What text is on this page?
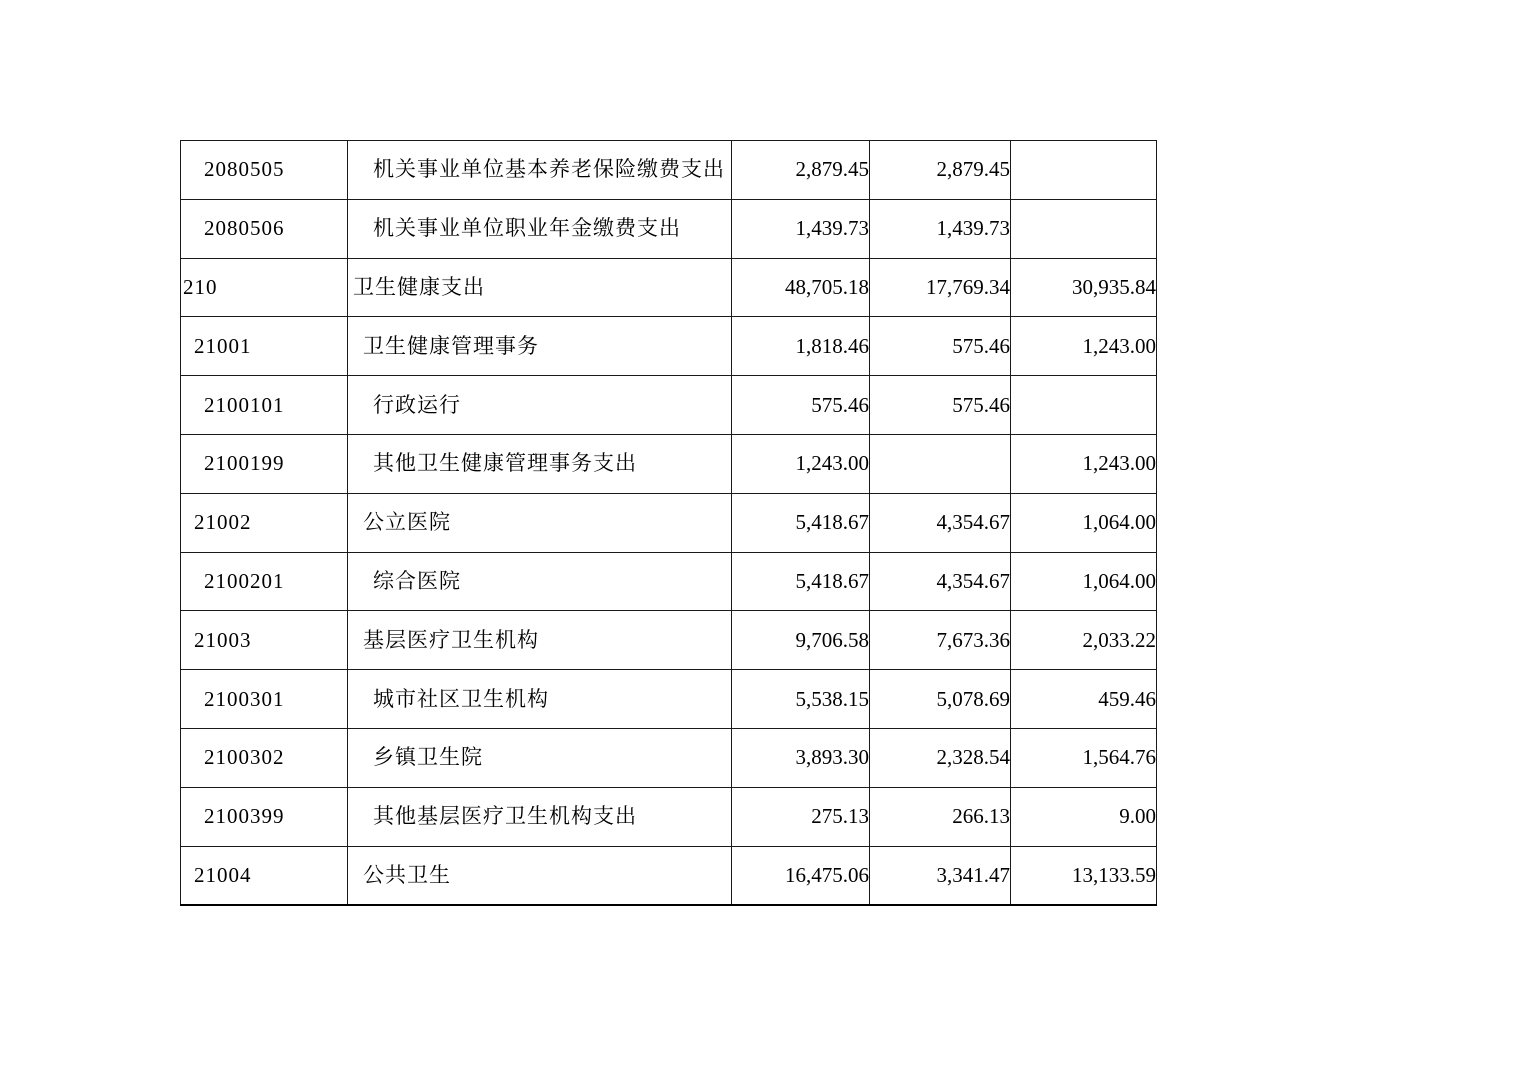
2080505	机关事业单位基本养老保险缴费支出	2,879.45	2,879.45	
2080506	机关事业单位职业年金缴费支出	1,439.73	1,439.73	
210	卫生健康支出	48,705.18	17,769.34	30,935.84
21001	卫生健康管理事务	1,818.46	575.46	1,243.00
2100101	行政运行	575.46	575.46	
2100199	其他卫生健康管理事务支出	1,243.00		1,243.00
21002	公立医院	5,418.67	4,354.67	1,064.00
2100201	综合医院	5,418.67	4,354.67	1,064.00
21003	基层医疗卫生机构	9,706.58	7,673.36	2,033.22
2100301	城市社区卫生机构	5,538.15	5,078.69	459.46
2100302	乡镇卫生院	3,893.30	2,328.54	1,564.76
2100399	其他基层医疗卫生机构支出	275.13	266.13	9.00
21004	公共卫生	16,475.06	3,341.47	13,133.59
